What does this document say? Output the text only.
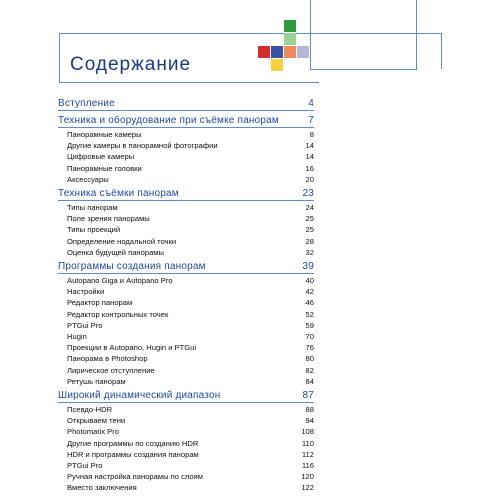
Содержание
Вступление	4
Техника и оборудование при съёмке панорам	7
Панорамные камеры	8
Другие камеры в панорамной фотографии	14
Цифровые камеры	14
Панорамные головки	16
Аксессуары	20
Техника съёмки панорам	23
Типы панорам	24
Поле зрения панорамы	25
Типы проекций	25
Определение нодальной точки	28
Оценка будущей панорамы	32
Программы создания панорам	39
Autopano Giga и Autopano Pro	40
Настройки	42
Редактор панорам	46
Редактор контрольных точек	52
PTGui Pro	59
Hugin	70
Проекции в Autopano, Hugin и PTGui	76
Панорама в Photoshop	80
Лирическое отступление	82
Ретушь панорам	84
Широкий динамический диапазон	87
Псевдо-HDR	88
Открываем тени	94
Photomatix Pro	108
Другие программы по созданию HDR	110
HDR и программы создания панорам	112
PTGui Pro	116
Ручная настройка панорамы по слоям	120
Вместо заключения	122
